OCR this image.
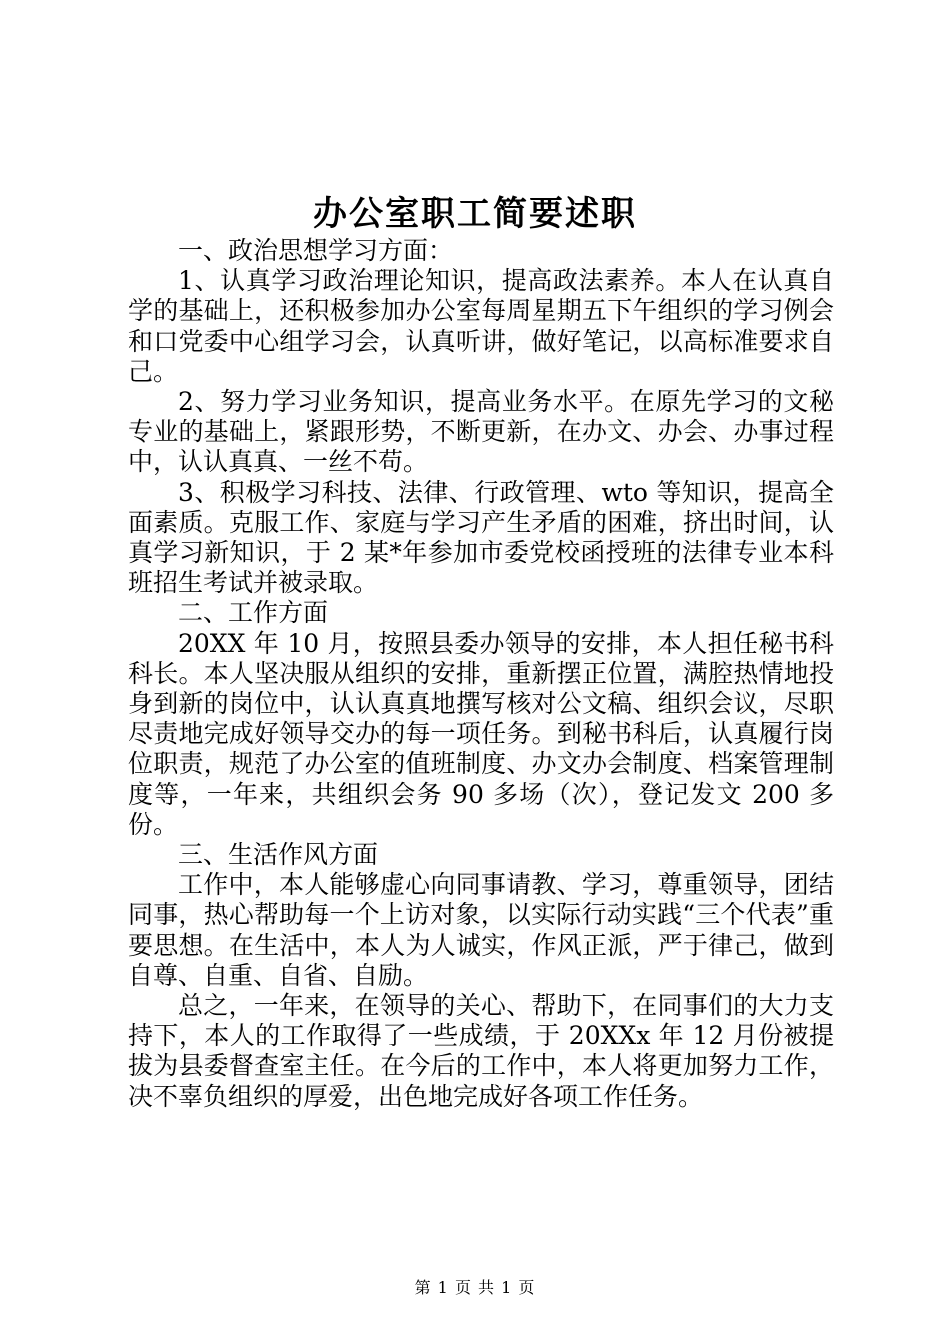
办公室职工简要述职

一、政治思想学习方面：

1、认真学习政治理论知识，提高政法素养。本人在认真自学的基础上，还积极参加办公室每周星期五下午组织的学习例会和口党委中心组学习会，认真听讲，做好笔记，以高标准要求自己。

2、努力学习业务知识，提高业务水平。在原先学习的文秘专业的基础上，紧跟形势，不断更新，在办文、办会、办事过程中，认认真真、一丝不苟。

3、积极学习科技、法律、行政管理、wto 等知识，提高全面素质。克服工作、家庭与学习产生矛盾的困难，挤出时间，认真学习新知识，于 2 某*年参加市委党校函授班的法律专业本科班招生考试并被录取。

二、工作方面

20XX 年 10 月，按照县委办领导的安排，本人担任秘书科科长。本人坚决服从组织的安排，重新摆正位置，满腔热情地投身到新的岗位中，认认真真地撰写核对公文稿、组织会议，尽职尽责地完成好领导交办的每一项任务。到秘书科后，认真履行岗位职责，规范了办公室的值班制度、办文办会制度、档案管理制度等，一年来，共组织会务 90 多场（次），登记发文 200 多份。

三、生活作风方面

工作中，本人能够虚心向同事请教、学习，尊重领导，团结同事，热心帮助每一个上访对象，以实际行动实践“三个代表”重要思想。在生活中，本人为人诚实，作风正派，严于律己，做到自尊、自重、自省、自励。

总之，一年来，在领导的关心、帮助下，在同事们的大力支持下，本人的工作取得了一些成绩，于 20XXx 年 12 月份被提拔为县委督查室主任。在今后的工作中，本人将更加努力工作，决不辜负组织的厚爱，出色地完成好各项工作任务。

第 1 页 共 1 页
